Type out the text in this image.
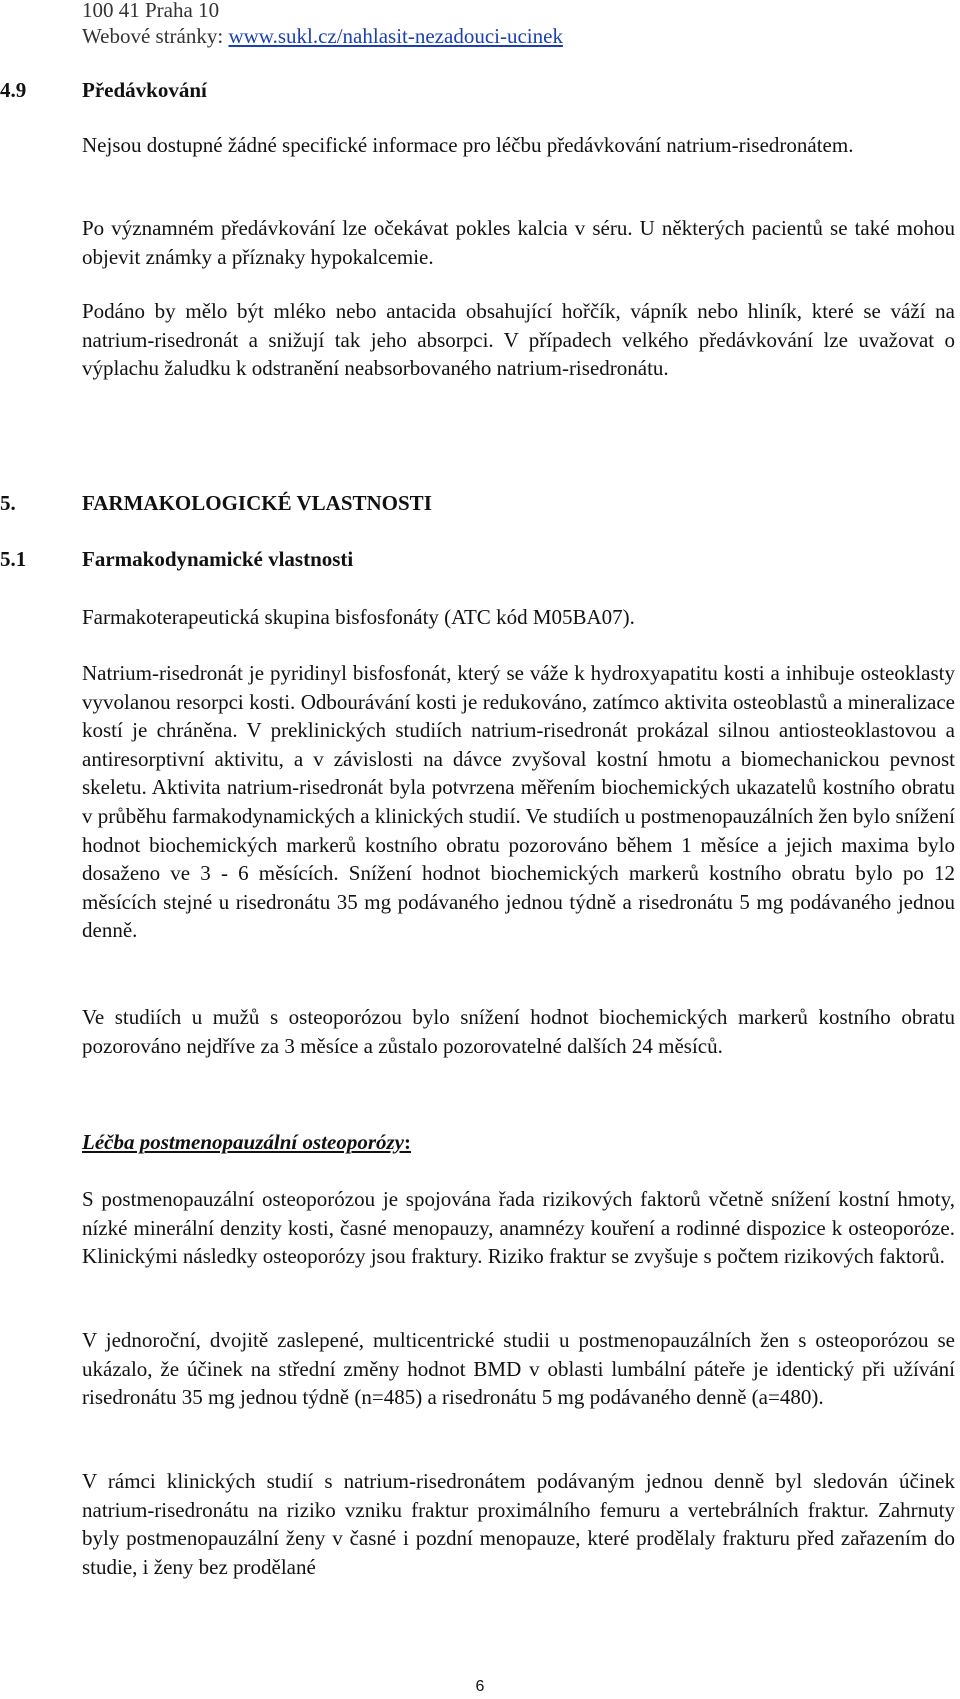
100 41 Praha 10
Webové stránky: www.sukl.cz/nahlasit-nezadouci-ucinek
4.9	Předávkování

Nejsou dostupné žádné specifické informace pro léčbu předávkování natrium-risedronátem.

Po významném předávkování lze očekávat pokles kalcia v séru. U některých pacientů se také mohou objevit známky a příznaky hypokalcemie.

Podáno by mělo být mléko nebo antacida obsahující hořčík, vápník nebo hliník, které se váží na natrium-risedronát a snižují tak jeho absorpci. V případech velkého předávkování lze uvažovat o výplachu žaludku k odstranění neabsorbovaného natrium-risedronátu.

5.	FARMAKOLOGICKÉ VLASTNOSTI
5.1	Farmakodynamické vlastnosti

Farmakoterapeutická skupina bisfosfonáty (ATC kód M05BA07).

Natrium-risedronát je pyridinyl bisfosfonát, který se váže k hydroxyapatitu kosti a inhibuje osteoklasty vyvolanou resorpci kosti. Odbourávání kosti je redukováno, zatímco aktivita osteoblastů a mineralizace kostí je chráněna. V preklinických studiích natrium-risedronát prokázal silnou antiosteoklastovou a antiresorptivní aktivitu, a v závislosti na dávce zvyšoval kostní hmotu a biomechanickou pevnost skeletu. Aktivita natrium-risedronát byla potvrzena měřením biochemických ukazatelů kostního obratu v průběhu farmakodynamických a klinických studií. Ve studiích u postmenopauzálních žen bylo snížení hodnot biochemických markerů kostního obratu pozorováno během 1 měsíce a jejich maxima bylo dosaženo ve 3 - 6 měsících. Snížení hodnot biochemických markerů kostního obratu bylo po 12 měsících stejné u risedronátu 35 mg podávaného jednou týdně a risedronátu 5 mg podávaného jednou denně.

Ve studiích u mužů s osteoporózou bylo snížení hodnot biochemických markerů kostního obratu pozorováno nejdříve za 3 měsíce a zůstalo pozorovatelné dalších 24 měsíců.

Léčba postmenopauzální osteoporózy:

S postmenopauzální osteoporózou je spojována řada rizikových faktorů včetně snížení kostní hmoty, nízké minerální denzity kosti, časné menopauzy, anamnézy kouření a rodinné dispozice k osteoporóze. Klinickými následky osteoporózy jsou fraktury. Riziko fraktur se zvyšuje s počtem rizikových faktorů.

V jednoroční, dvojitě zaslepené, multicentrické studii u postmenopauzálních žen s osteoporózou se ukázalo, že účinek na střední změny hodnot BMD v oblasti lumbální páteře je identický při užívání risedronátu 35 mg jednou týdně (n=485) a risedronátu 5 mg podávaného denně (a=480).

V rámci klinických studií s natrium-risedronátem podávaným jednou denně byl sledován účinek natrium-risedronátu na riziko vzniku fraktur proximálního femuru a vertebrálních fraktur. Zahrnuty byly postmenopauzální ženy v časné i pozdní menopauze, které prodělaly frakturu před zařazením do studie, i ženy bez prodělané

6
